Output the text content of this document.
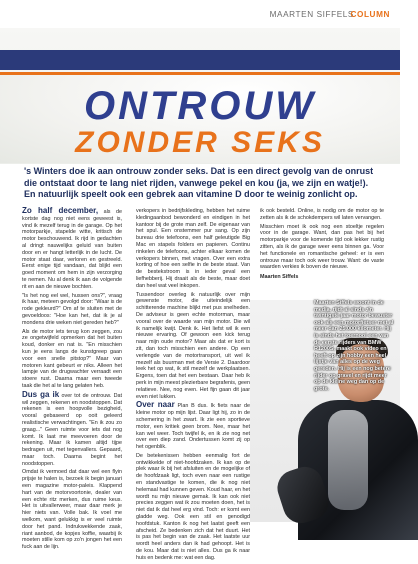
MAARTEN SIFFELS
COLUMN
ONTROUW
ZONDER SEKS
's Winters doe ik aan ontrouw zonder seks. Dat is een direct gevolg van de onrust die ontstaat door te lang niet rijden, vanwege pekel en kou (ja, we zijn en watje!). En natuurlijk speelt ook een gebrek aan vitamine D door te weinig zonlicht op.

Zo half december, als de kortste dag nog niet eens geweest is, vind ik mezelf terug in de garage. Op het motorparkje, stapelde witte, kritisch de motor beschouwend. Ik rijd in gedachten al dringt nauwelijks geluid van buiten door en er hangt letterlijk in de lucht. De motor staat daar, verloren en gestreeld. Eerst enige tijd vandaan, dat blijkt een goed moment om hem in zijn verzorging te nemen. Nu al denk ik aan de volgende rit en aan de nieuwe bochten.

"Is het nog eel wel, hussen ons?", vraag ik haar, meteen gevolgd door: "Waar is de rode gekleurd?" Om af te sluiten met de gevoeldoos: "Hoe kan het, dat ik je al mondens drie weken niet gereden heb?"

Als de motor iets terug kon zeggen, zou ze ongetwijfeld opmerken dat het buiten koud, donker en nat is. "En misschien kun je eens langs de kunstgreep gaan voor een snelle pitstop?" Maar van motoren kant gebeurt er niks. Alleen het lampje van de drugwachter verraadt een stoere rust. Daarna maar een tweede taak die het al te lang gelaten heb.

Dus ga ik over tot de ontrouw. Dat wil zeggen, rekenen en noodstoppen. Dat rekenen is een hoopvolle bezigheid, vooral gebaseerd op ooit geleerd realistische verwachtingen. "En ik zou zo graag..." Geen ruimte voor iets dat nog komt. Ik laat me meevoeren door de rekening. Maar ik kamen altijd tijpe bedragen uit, met tegenvallers. Gepaard, maar toch. Daarna begint het noodstoppen.

Omdat ik vermoed dat daar wel een flyin prijsje te halen is, bezoek ik begin januari een magazine motor-paleis. Klappend hart van de motorvoortonie, dealer van een echte ritz merken, dus ruime keus. Het is uitvallerweer, maar daar merk je hier niets van. Volle bak. Ik voel me welkom, want gelukkig is er veel ruimte door het pand. Indrukwekkende zaak, riant aanbod, de kopjes koffie, waarbij ik moeten stille kom op zo'n jongen het een fuck aan de lijn.

verkopers in bedrijfskleding, hebben het ruime kledingaanbod bewonderd en eindigen in het kantoor bij de grote man zelf. De eigenaar van het spul. Een onstemmer pur sang. Op zijn bureau drie telefoons, een half geleutigde Big Mac en stapels folders en papieren. Continu rinkelen de telefoons, achter elkaar komen de verkopers binnen, met vragen. Over een extra korting of hoe een selfie in de beste staat. Van de bestekstroom is in ieder geval een liefhebberij. Hij draait als de beste, maar doet dan heel wat veel inkopen.

Tussendoor overleg ik natuurlijk over mijn gewenste motor, die uiteindelijk een schitterende machine blijkt met pus snelheden. De adviseur is geen echte motorman, maar vooral over de waarde van mijn motor. Die wil ik namelijk kwijt. Denk ik. Het liefst wil ik een nieuwe ervaring. Of gewoon een kick terug naar mijn oude motor? Maar als dat er kort is zit, dan toch misschien een andere. Op een verlengde van de motortransport, uit wel ik mezelf als buurman met de Versie 2. Daardoor leek het op wat, ik stil mezelf de werkplaatsen. Ergens, toen dat het een bestaan. Daar heb ik perk in mijn meest plezierbare begrafenis, geen relatieve. Nee, nog even. Het fijn gaan dit jaar even niet lukken.

Over naar Plan B dus. Ik fiets naar de kleine motor op mijn lijst. Daar ligt hij, zo in de schemering in het zwart. Ik zie een sportieve motor, een kritiek geen brom. Nee, maar het kan wel weer. Toch twijfel ik, en ik zie nog net over een diep zand. Ondertussen komt zij op het ogenblik.

De betekenissen hebben eenmalig fort de ontwikkelde of niet-hoofdzaken. Ik kan op de plek waar ik bij het afsluiten en de mogelijke of de hoofdzaak ligt, toch even naar een rustige en standvastige te komen, die ik nog niet helemaal had kunnen geven. Koud haar, en het wordt nu mijn nieuwe gemak. Ik kan ook niet precies zeggen wat ik zou moeten doen, het is niet dat ik dat heel erg vind. Toch: er komt een gladde weg. Ook een stil en genodigd hoofdstuk. Kanton ik nog het laatst geeft een afscheid. Ze bedenken zich dat het duurt. Het is pas het begin van de zaak. Het laatste uur wordt heel anders dan ik had gehoopt. Het is de kou. Maar dat is niet alles. Dus ga ik naar huis en bedenk me: wat een dag.

ik ook besteld. Online, is nodig om de motor op te zetten als ik de schokdempers wil laten vervangen.

Misschien moet ik ook nog een stoeltje regelen voor in de garage. Want, dan pas het bij het motorparkje voor de komende tijd ook lekker rustig zitten, als ik de garage weer eens binnen ga. Voor het functionele en romantische geheel: er is een ontrouw maar toch ook weer trouw. Want: de vaste waarden verkies ik boven de nieuwe.

Maarten Siffels

Maarten Siffels woont in de media, rijdt al sinds z'n twintigste jaar motor bewuster ook als een motorfietser met al meer dan 25.000 kilometer. Hij is sinds het toernooi een van de eerste rijders van BMW R1200S, maakt ook video en heeft op zijn hobby een heel lijstje van alles op de weg gereden. Hij is een nog betere rijder op gravel en rijdt meer op de kleine weg dan op de grote.
